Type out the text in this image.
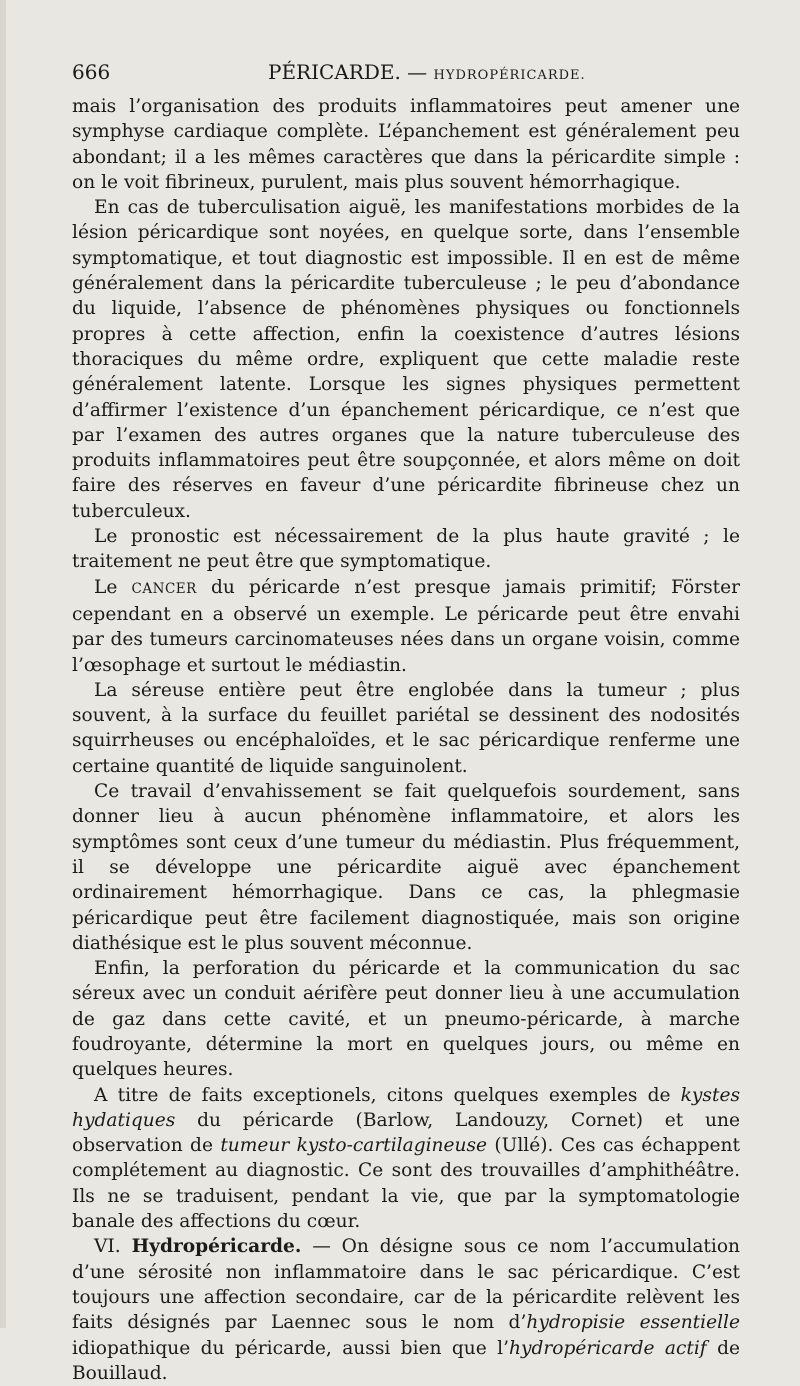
666	PÉRICARDE. — HYDROPÉRICARDE.

mais l’organisation des produits inflammatoires peut amener une symphyse cardiaque complète. L’épanchement est généralement peu abondant; il a les mêmes caractères que dans la péricardite simple : on le voit fibrineux, purulent, mais plus souvent hémorrhagique.

En cas de tuberculisation aiguë, les manifestations morbides de la lésion péricardique sont noyées, en quelque sorte, dans l’ensemble symptomatique, et tout diagnostic est impossible. Il en est de même généralement dans la péricardite tuberculeuse ; le peu d’abondance du liquide, l’absence de phénomènes physiques ou fonctionnels propres à cette affection, enfin la coexistence d’autres lésions thoraciques du même ordre, expliquent que cette maladie reste généralement latente. Lorsque les signes physiques permettent d’affirmer l’existence d’un épanchement péricardique, ce n’est que par l’examen des autres organes que la nature tuberculeuse des produits inflammatoires peut être soupçonnée, et alors même on doit faire des réserves en faveur d’une péricardite fibrineuse chez un tuberculeux.

Le pronostic est nécessairement de la plus haute gravité ; le traitement ne peut être que symptomatique.

Le CANCER du péricarde n’est presque jamais primitif; Förster cependant en a observé un exemple. Le péricarde peut être envahi par des tumeurs carcinomateuses nées dans un organe voisin, comme l’œsophage et surtout le médiastin.

La séreuse entière peut être englobée dans la tumeur ; plus souvent, à la surface du feuillet pariétal se dessinent des nodosités squirrheuses ou encéphaloïdes, et le sac péricardique renferme une certaine quantité de liquide sanguinolent.

Ce travail d’envahissement se fait quelquefois sourdement, sans donner lieu à aucun phénomène inflammatoire, et alors les symptômes sont ceux d’une tumeur du médiastin. Plus fréquemment, il se développe une péricardite aiguë avec épanchement ordinairement hémorrhagique. Dans ce cas, la phlegmasie péricardique peut être facilement diagnostiquée, mais son origine diathésique est le plus souvent méconnue.

Enfin, la perforation du péricarde et la communication du sac séreux avec un conduit aérifère peut donner lieu à une accumulation de gaz dans cette cavité, et un pneumo-péricarde, à marche foudroyante, détermine la mort en quelques jours, ou même en quelques heures.

A titre de faits exceptionels, citons quelques exemples de kystes hydatiques du péricarde (Barlow, Landouzy, Cornet) et une observation de tumeur kysto-cartilagineuse (Ullé). Ces cas échappent complétement au diagnostic. Ce sont des trouvailles d’amphithéâtre. Ils ne se traduisent, pendant la vie, que par la symptomatologie banale des affections du cœur.

VI. Hydropéricarde. — On désigne sous ce nom l’accumulation d’une sérosité non inflammatoire dans le sac péricardique. C’est toujours une affection secondaire, car de la péricardite relèvent les faits désignés par Laennec sous le nom d’hydropisie essentielle idiopathique du péricarde, aussi bien que l’hydropéricarde actif de Bouillaud.
